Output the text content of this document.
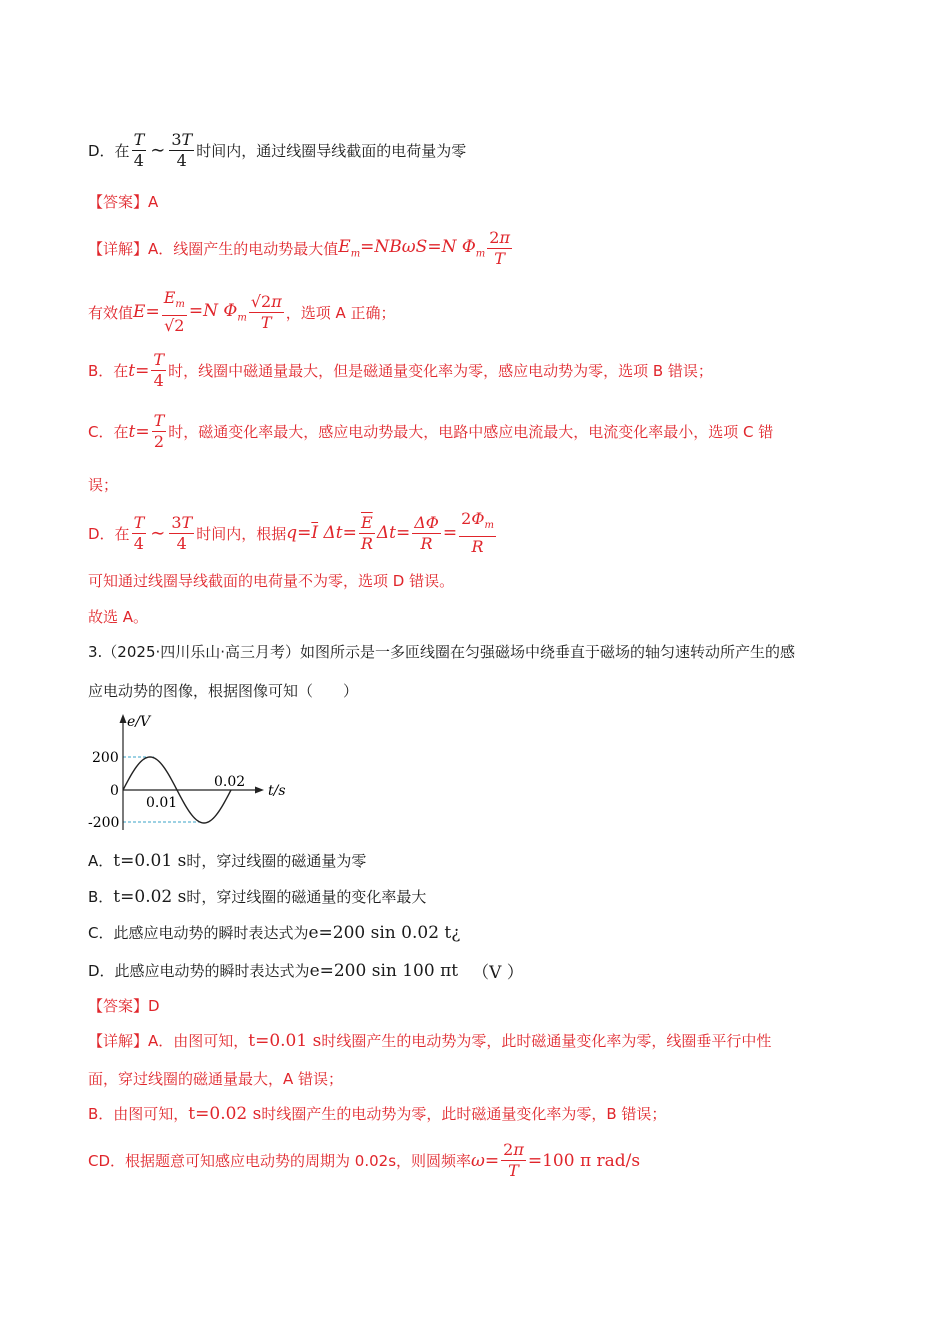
D．在 $\frac{T}{4}$ ∼ $\frac{3T}{4}$ 时间内，通过线圈导线截面的电荷量为零
【答案】A
【详解】A．线圈产生的电动势最大值 $E_m=NB\omega S=N$ $\Phi_m \frac{2\pi}{T}$
有效值 $E= \frac{E_m}{√2} =N$ $\Phi_m \frac{√2\pi}{T}$ ，选项 A 正确；
B．在 $t= \frac{T}{4}$ 时，线圈中磁通量最大，但是磁通量变化率为零，感应电动势为零，选项 B 错误；
C．在 $t= \frac{T}{2}$ 时，磁通变化率最大，感应电动势最大，电路中感应电流最大，电流变化率最小，选项 C 错
误；
D．在 $\frac{T}{4}$ ∼ $\frac{3T}{4}$ 时间内，根据 $q=\overline{I}$ $\Delta t= \frac{\overline{E}}{R} \Delta t= \frac{\Delta\Phi}{R} = \frac{2\Phi_m}{R}$
可知通过线圈导线截面的电荷量不为零，选项 D 错误。
故选 A。
3.（2025·四川乐山·高三月考）如图所示是一多匝线圈在匀强磁场中绕垂直于磁场的轴匀速转动所产生的感
应电动势的图像，根据图像可知（　　）
e/V
t/s
200
0
-200
0.01
0.02
A． t=0.01 s 时，穿过线圈的磁通量为零
B． t=0.02 s 时，穿过线圈的磁通量的变化率最大
C．此感应电动势的瞬时表达式为 e=200 sin 0.02 t¿
D．此感应电动势的瞬时表达式为 e=200 sin 100 πt （V ）
【答案】D
【详解】A．由图可知， t=0.01 s 时线圈产生的电动势为零，此时磁通量变化率为零，线圈垂平行中性
面，穿过线圈的磁通量最大，A 错误；
B．由图可知， t=0.02 s 时线圈产生的电动势为零，此时磁通量变化率为零，B 错误；
CD．根据题意可知感应电动势的周期为 0.02s，则圆频率 $\omega= \frac{2\pi}{T} =100$ π rad/s
